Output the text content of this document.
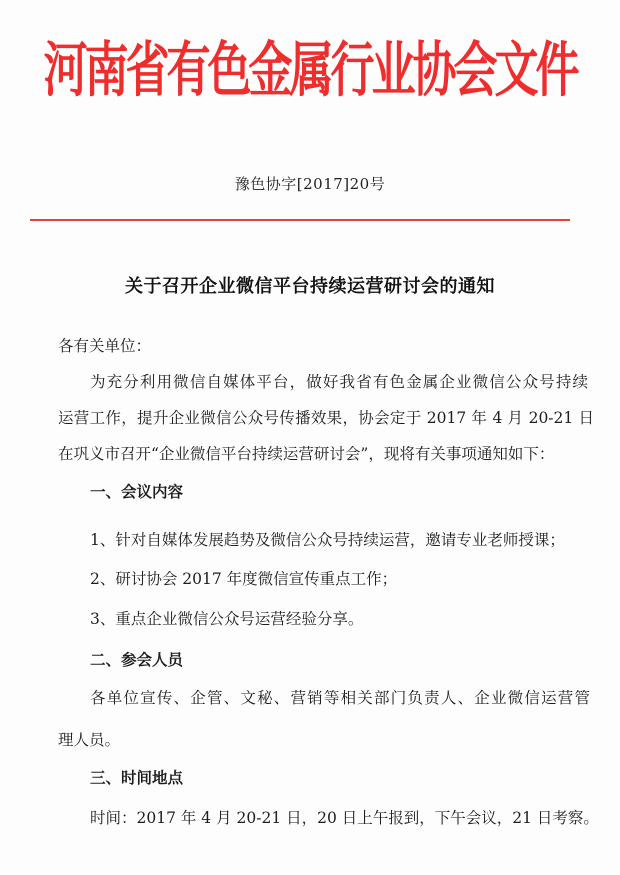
河南省有色金属行业协会文件
豫色协字[2017]20号
关于召开企业微信平台持续运营研讨会的通知
各有关单位：
为充分利用微信自媒体平台，做好我省有色金属企业微信公众号持续
运营工作，提升企业微信公众号传播效果，协会定于 2017 年 4 月 20-21 日
在巩义市召开“企业微信平台持续运营研讨会”，现将有关事项通知如下：
一、会议内容
1、针对自媒体发展趋势及微信公众号持续运营，邀请专业老师授课；
2、研讨协会 2017 年度微信宣传重点工作；
3、重点企业微信公众号运营经验分享。
二、参会人员
各单位宣传、企管、文秘、营销等相关部门负责人、企业微信运营管
理人员。
三、时间地点
时间：2017 年 4 月 20-21 日，20 日上午报到，下午会议，21 日考察。
